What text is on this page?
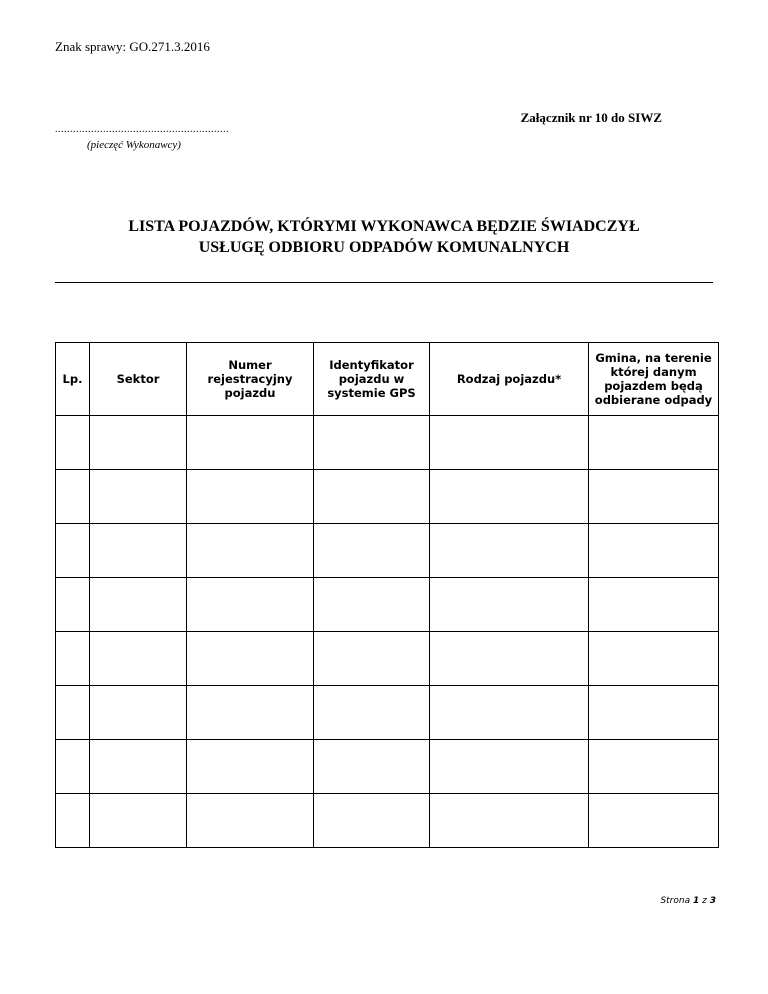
Znak sprawy: GO.271.3.2016
Załącznik nr 10 do SIWZ
..........................................................
(pieczęć Wykonawcy)
LISTA POJAZDÓW, KTÓRYMI WYKONAWCA BĘDZIE ŚWIADCZYŁ
USŁUGĘ ODBIORU ODPADÓW KOMUNALNYCH
Lp.	Sektor	Numer rejestracyjny pojazdu	Identyfikator pojazdu w systemie GPS	Rodzaj pojazdu*	Gmina, na terenie której danym pojazdem będą odbierane odpady

Strona 1 z 3
